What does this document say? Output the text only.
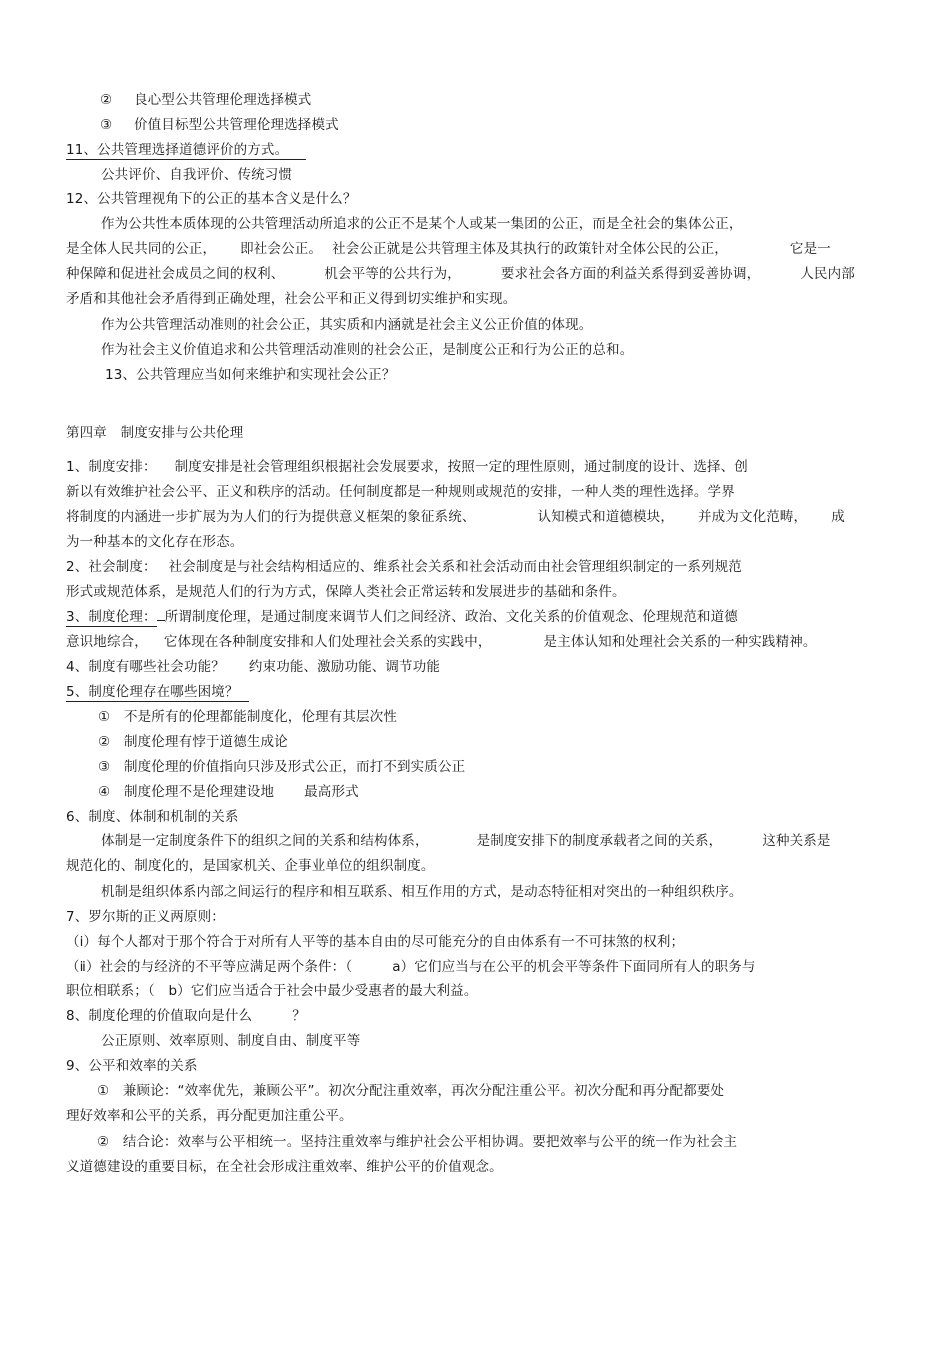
② 良心型公共管理伦理选择模式
③ 价值目标型公共管理伦理选择模式
11、公共管理选择道德评价的方式。
公共评价、自我评价、传统习惯
12、公共管理视角下的公正的基本含义是什么？
作为公共性本质体现的公共管理活动所追求的公正不是某个人或某一集团的公正，而是全社会的集体公正，
是全体人民共同的公正， 即社会公正。 社会公正就是公共管理主体及其执行的政策针对全体公民的公正，	它是一
种保障和促进社会成员之间的权利、	机会平等的公共行为，	要求社会各方面的利益关系得到妥善协调，	人民内部
矛盾和其他社会矛盾得到正确处理，社会公平和正义得到切实维护和实现。
作为公共管理活动准则的社会公正，其实质和内涵就是社会主义公正价值的体现。
作为社会主义价值追求和公共管理活动准则的社会公正，是制度公正和行为公正的总和。
13、公共管理应当如何来维护和实现社会公正？
第四章　制度安排与公共伦理
1、制度安排： 制度安排是社会管理组织根据社会发展要求，按照一定的理性原则，通过制度的设计、选择、创
新以有效维护社会公平、正义和秩序的活动。任何制度都是一种规则或规范的安排，一种人类的理性选择。学界
将制度的内涵进一步扩展为为人们的行为提供意义框架的象征系统、	认知模式和道德模块， 并成为文化范畴， 成
为一种基本的文化存在形态。
2、社会制度： 社会制度是与社会结构相适应的、维系社会关系和社会活动而由社会管理组织制定的一系列规范
形式或规范体系，是规范人们的行为方式，保障人类社会正常运转和发展进步的基础和条件。
3、制度伦理： 所谓制度伦理，是通过制度来调节人们之间经济、政治、文化关系的价值观念、伦理规范和道德
意识地综合， 它体现在各种制度安排和人们处理社会关系的实践中，	是主体认知和处理社会关系的一种实践精神。
4、制度有哪些社会功能？ 约束功能、激励功能、调节功能
5、制度伦理存在哪些困境？
① 不是所有的伦理都能制度化，伦理有其层次性
② 制度伦理有悖于道德生成论
③ 制度伦理的价值指向只涉及形式公正，而打不到实质公正
④ 制度伦理不是伦理建设地 最高形式
6、制度、体制和机制的关系
体制是一定制度条件下的组织之间的关系和结构体系，	是制度安排下的制度承载者之间的关系，	这种关系是
规范化的、制度化的，是国家机关、企事业单位的组织制度。
机制是组织体系内部之间运行的程序和相互联系、相互作用的方式，是动态特征相对突出的一种组织秩序。
7、罗尔斯的正义两原则：
（ⅰ）每个人都对于那个符合于对所有人平等的基本自由的尽可能充分的自由体系有一不可抹煞的权利；
（ⅱ）社会的与经济的不平等应满足两个条件：（	a）它们应当与在公平的机会平等条件下面同所有人的职务与
职位相联系；（　b）它们应当适合于社会中最少受惠者的最大利益。
8、制度伦理的价值取向是什么	？
公正原则、效率原则、制度自由、制度平等
9、公平和效率的关系
①　兼顾论：“效率优先，兼顾公平”。初次分配注重效率，再次分配注重公平。初次分配和再分配都要处
理好效率和公平的关系，再分配更加注重公平。
②　结合论：效率与公平相统一。坚持注重效率与维护社会公平相协调。要把效率与公平的统一作为社会主
义道德建设的重要目标，在全社会形成注重效率、维护公平的价值观念。
